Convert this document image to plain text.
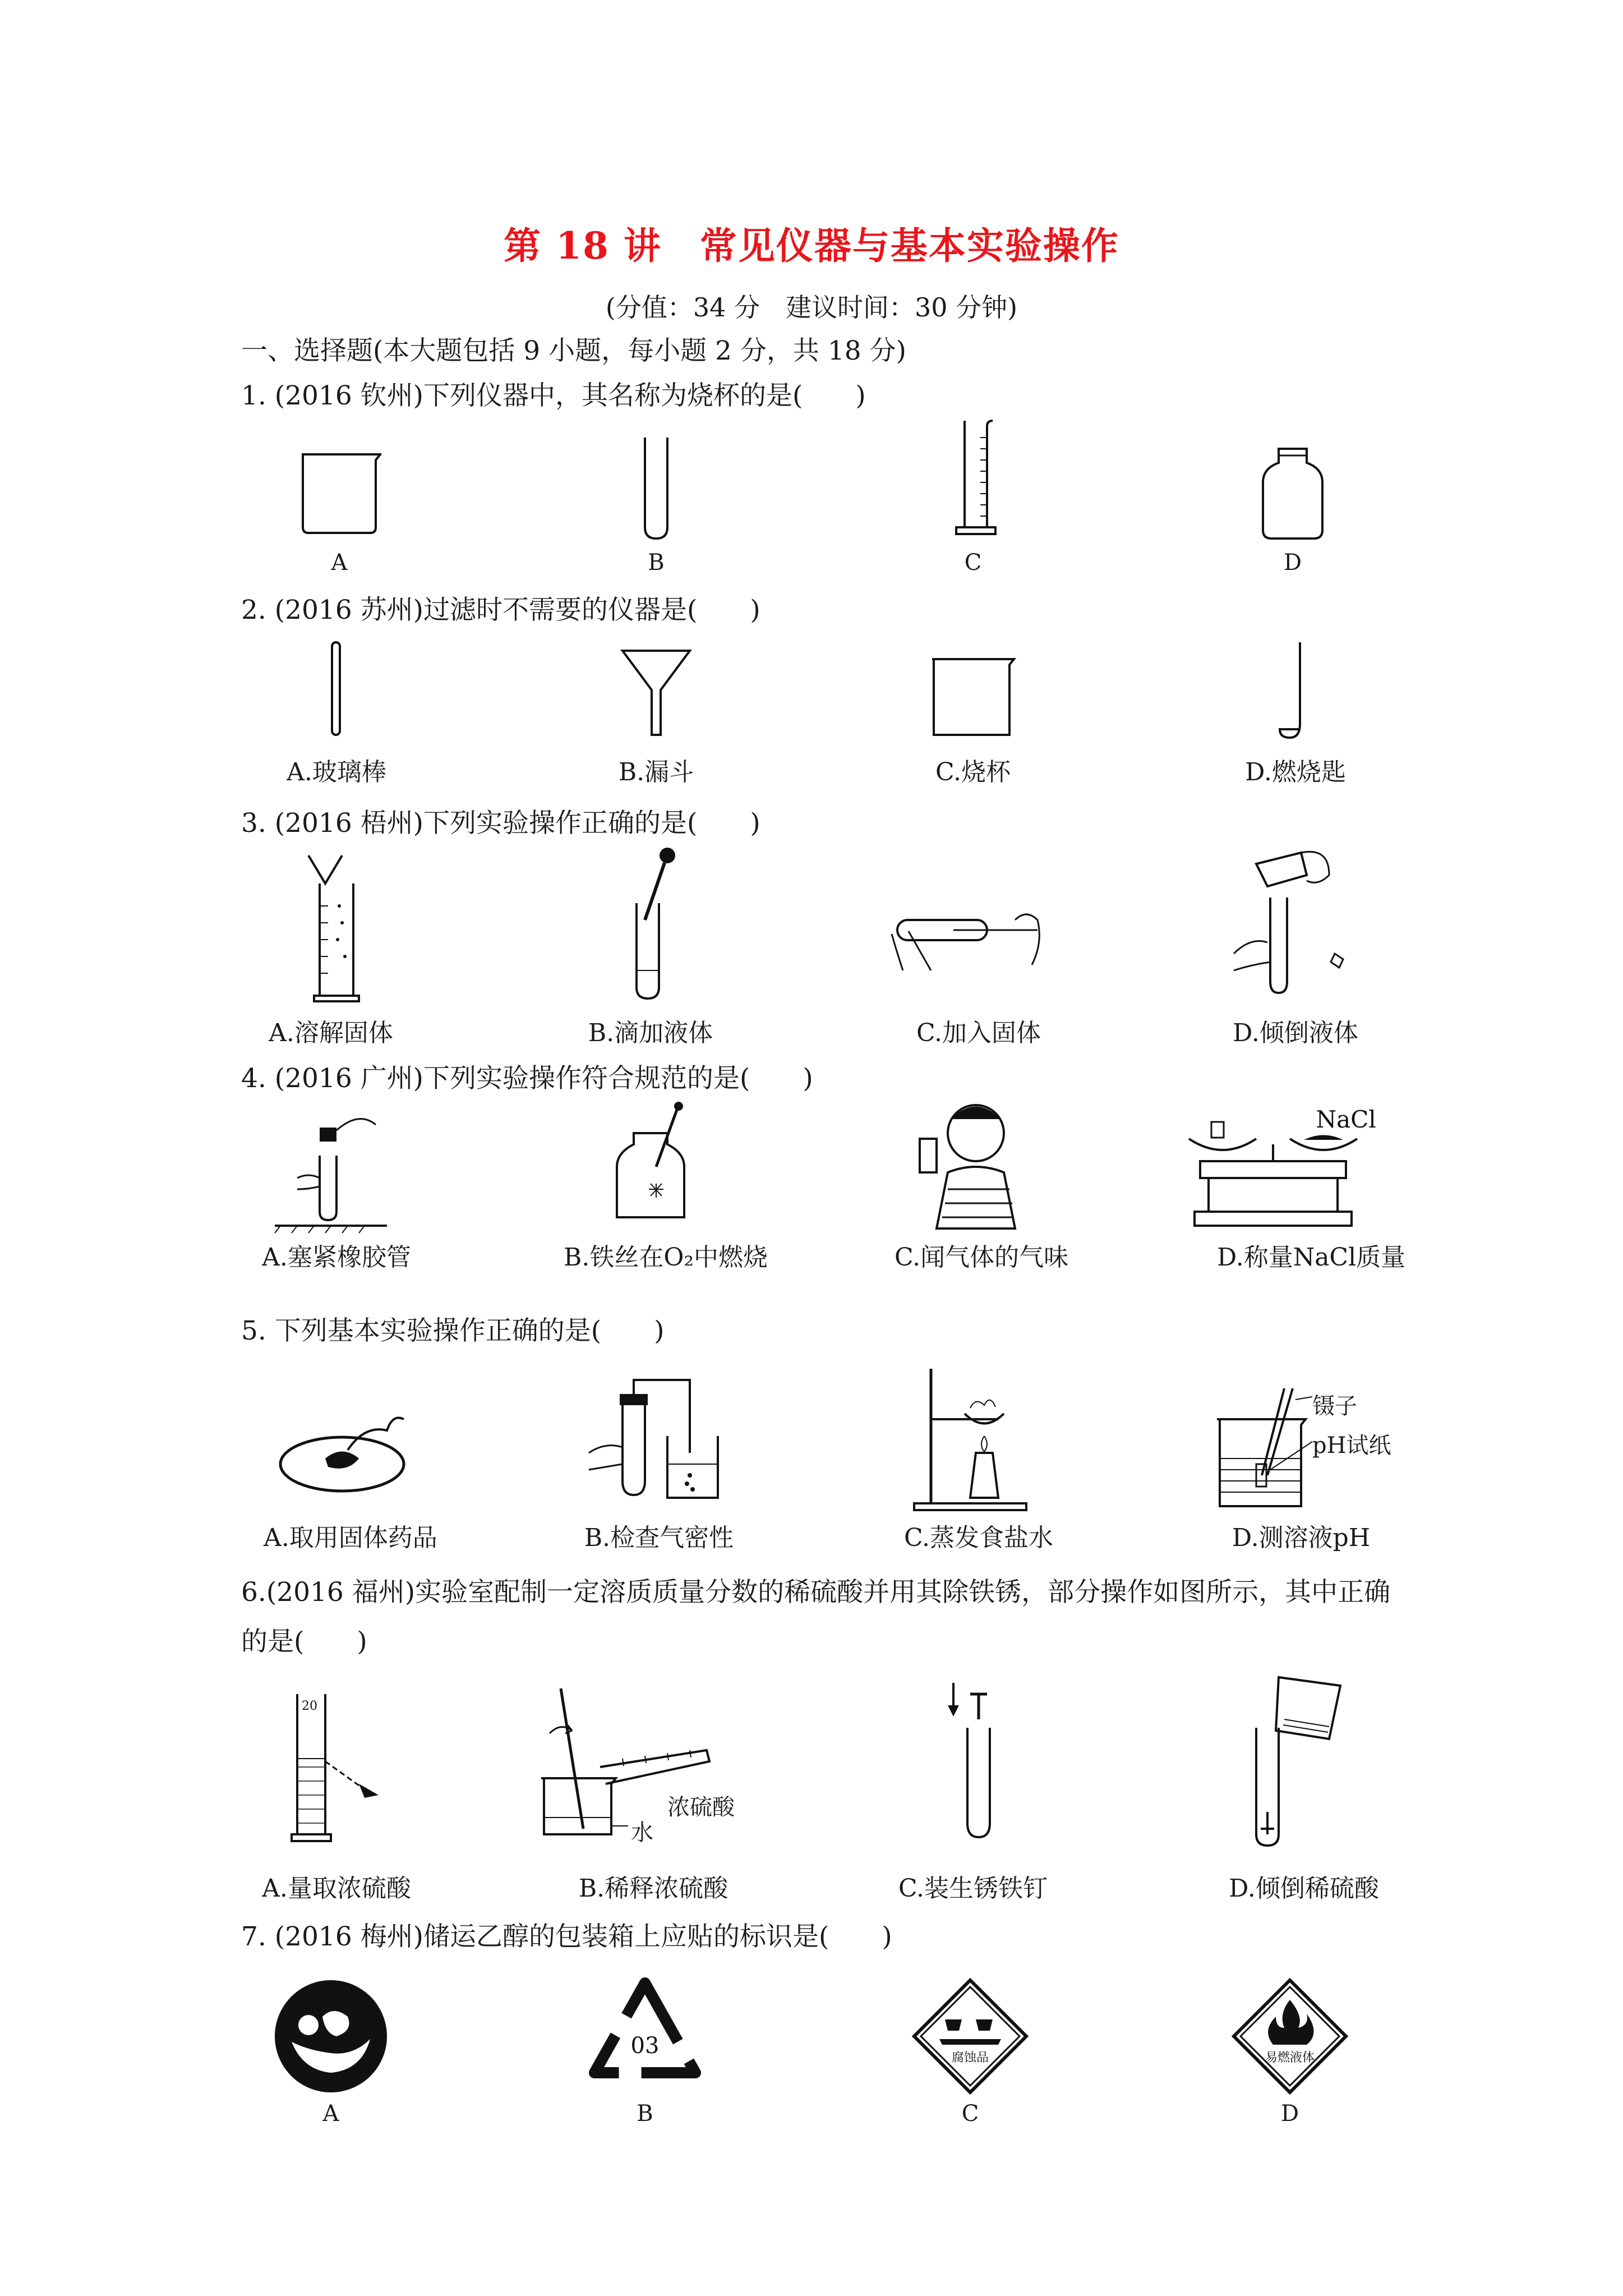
第 18 讲　常见仪器与基本实验操作
(分值：34 分　建议时间：30 分钟)
一、选择题(本大题包括 9 小题，每小题 2 分，共 18 分)
1. (2016 钦州)下列仪器中，其名称为烧杯的是(　　)
A	B	C	D
2. (2016 苏州)过滤时不需要的仪器是(　　)
A.玻璃棒	B.漏斗	C.烧杯	D.燃烧匙
3. (2016 梧州)下列实验操作正确的是(　　)
A.溶解固体	B.滴加液体	C.加入固体	D.倾倒液体
4. (2016 广州)下列实验操作符合规范的是(　　)
NaCl
A.塞紧橡胶管	B.铁丝在O₂中燃烧	C.闻气体的气味	D.称量NaCl质量
5. 下列基本实验操作正确的是(　　)
镊子
pH试纸
A.取用固体药品	B.检查气密性	C.蒸发食盐水	D.测溶液pH
6.(2016 福州)实验室配制一定溶质质量分数的稀硫酸并用其除铁锈，部分操作如图所示，其中正确的是(　　)
20
浓硫酸
水
A.量取浓硫酸	B.稀释浓硫酸	C.装生锈铁钉	D.倾倒稀硫酸
7. (2016 梅州)储运乙醇的包装箱上应贴的标识是(　　)
03	腐蚀品	易燃液体
A	B	C	D
